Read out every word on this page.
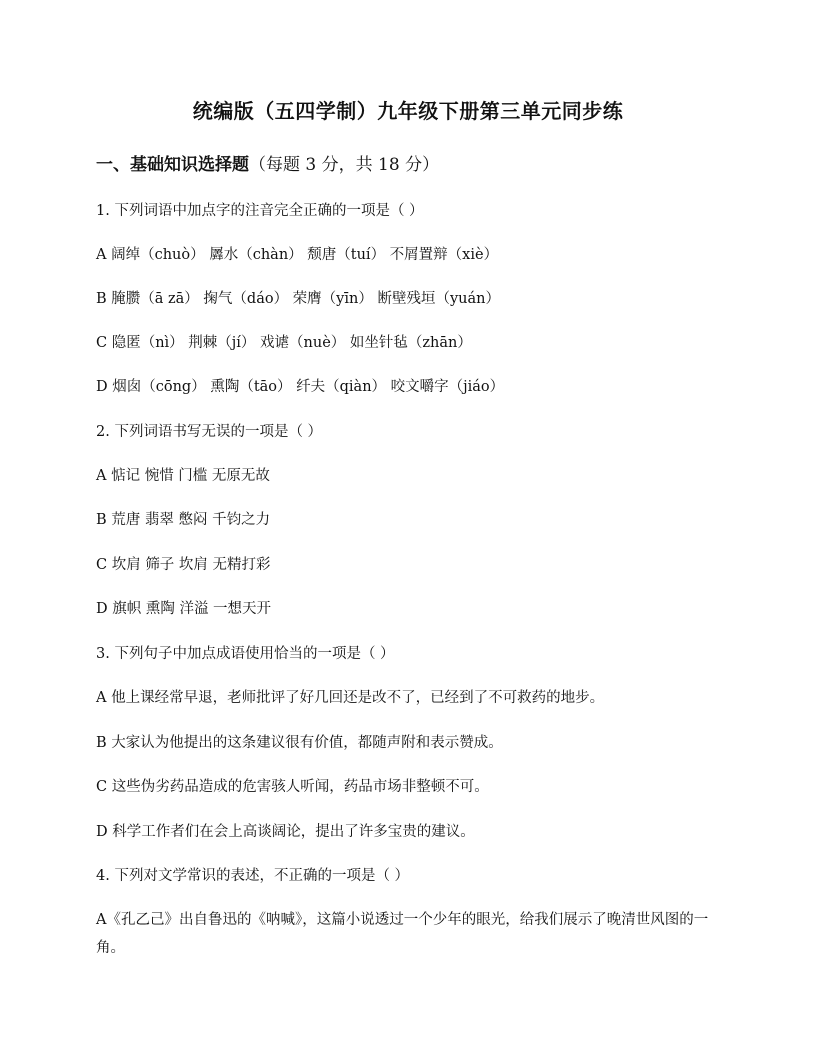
统编版（五四学制）九年级下册第三单元同步练
一、基础知识选择题（每题 3 分，共 18 分）
1. 下列词语中加点字的注音完全正确的一项是（ ）
A 阔绰（chuò） 羼水（chàn） 颓唐（tuí） 不屑置辩（xiè）
B 腌臜（ā zā） 掬气（dáo） 荣膺（yīn） 断壁残垣（yuán）
C 隐匿（nì） 荆棘（jí） 戏谑（nuè） 如坐针毡（zhān）
D 烟囱（cōng） 熏陶（tāo） 纤夫（qiàn） 咬文嚼字（jiáo）
2. 下列词语书写无误的一项是（ ）
A 惦记 惋惜 门槛 无原无故
B 荒唐 翡翠 憋闷 千钧之力
C 坎肩 筛子 坎肩 无精打彩
D 旗帜 熏陶 洋溢 一想天开
3. 下列句子中加点成语使用恰当的一项是（ ）
A 他上课经常早退，老师批评了好几回还是改不了，已经到了不可救药的地步。
B 大家认为他提出的这条建议很有价值，都随声附和表示赞成。
C 这些伪劣药品造成的危害骇人听闻，药品市场非整顿不可。
D 科学工作者们在会上高谈阔论，提出了许多宝贵的建议。
4. 下列对文学常识的表述，不正确的一项是（ ）
A《孔乙己》出自鲁迅的《呐喊》，这篇小说透过一个少年的眼光，给我们展示了晚清世风图的一角。
